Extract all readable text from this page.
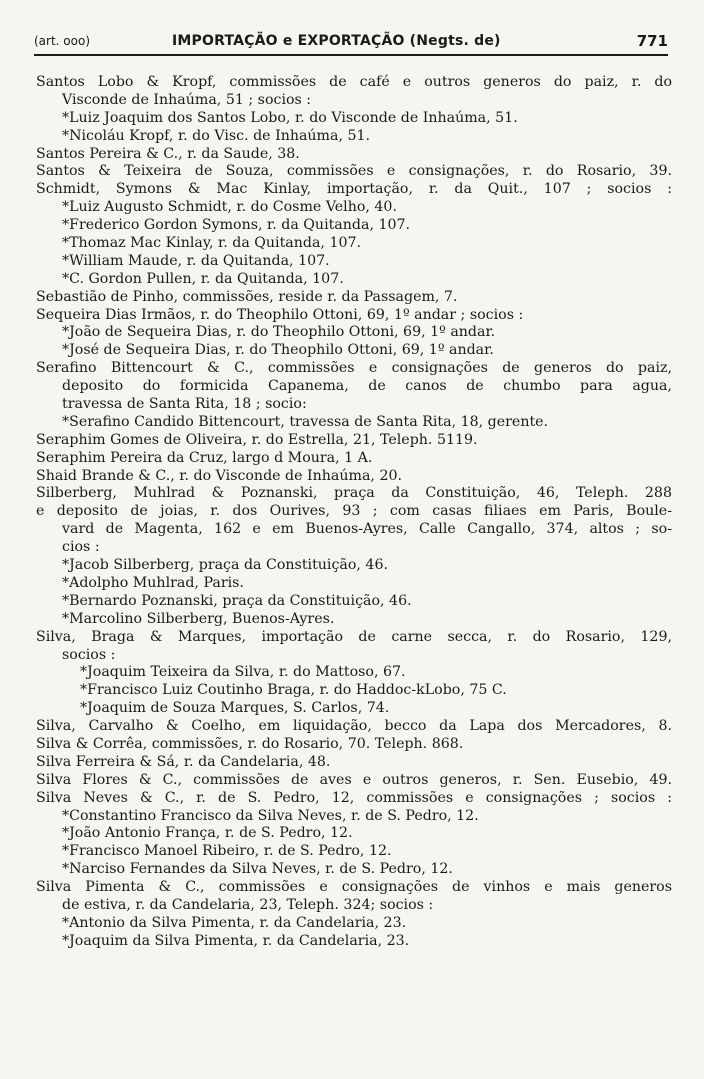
(art. ooo)	IMPORTAÇÃO e EXPORTAÇÃO (Negts. de)	771
Santos Lobo & Kropf, commissões de café e outros generos do paiz, r. do
Visconde de Inhaúma, 51 ; socios :
*Luiz Joaquim dos Santos Lobo, r. do Visconde de Inhaúma, 51.
*Nicoláu Kropf, r. do Visc. de Inhaúma, 51.
Santos Pereira & C., r. da Saude, 38.
Santos & Teixeira de Souza, commissões e consignações, r. do Rosario, 39.
Schmidt, Symons & Mac Kinlay, importação, r. da Quit., 107 ; socios :
*Luiz Augusto Schmidt, r. do Cosme Velho, 40.
*Frederico Gordon Symons, r. da Quitanda, 107.
*Thomaz Mac Kinlay, r. da Quitanda, 107.
*William Maude, r. da Quitanda, 107.
*C. Gordon Pullen, r. da Quitanda, 107.
Sebastião de Pinho, commissões, reside r. da Passagem, 7.
Sequeira Dias Irmãos, r. do Theophilo Ottoni, 69, 1º andar ; socios :
*João de Sequeira Dias, r. do Theophilo Ottoni, 69, 1º andar.
*José de Sequeira Dias, r. do Theophilo Ottoni, 69, 1º andar.
Serafino Bittencourt & C., commissões e consignações de generos do paiz,
deposito do formicida Capanema, de canos de chumbo para agua,
travessa de Santa Rita, 18 ; socio:
*Serafino Candido Bittencourt, travessa de Santa Rita, 18, gerente.
Seraphim Gomes de Oliveira, r. do Estrella, 21, Teleph. 5119.
Seraphim Pereira da Cruz, largo d Moura, 1 A.
Shaid Brande & C., r. do Visconde de Inhaúma, 20.
Silberberg, Muhlrad & Poznanski, praça da Constituição, 46, Teleph. 288
e deposito de joias, r. dos Ourives, 93 ; com casas filiaes em Paris, Boule-
vard de Magenta, 162 e em Buenos-Ayres, Calle Cangallo, 374, altos ; so-
cios :
*Jacob Silberberg, praça da Constituição, 46.
*Adolpho Muhlrad, Paris.
*Bernardo Poznanski, praça da Constituição, 46.
*Marcolino Silberberg, Buenos-Ayres.
Silva, Braga & Marques, importação de carne secca, r. do Rosario, 129,
socios :
*Joaquim Teixeira da Silva, r. do Mattoso, 67.
*Francisco Luiz Coutinho Braga, r. do Haddoc-kLobo, 75 C.
*Joaquim de Souza Marques, S. Carlos, 74.
Silva, Carvalho & Coelho, em liquidação, becco da Lapa dos Mercadores, 8.
Silva & Corrêa, commissões, r. do Rosario, 70. Teleph. 868.
Silva Ferreira & Sá, r. da Candelaria, 48.
Silva Flores & C., commissões de aves e outros generos, r. Sen. Eusebio, 49.
Silva Neves & C., r. de S. Pedro, 12, commissões e consignações ; socios :
*Constantino Francisco da Silva Neves, r. de S. Pedro, 12.
*João Antonio França, r. de S. Pedro, 12.
*Francisco Manoel Ribeiro, r. de S. Pedro, 12.
*Narciso Fernandes da Silva Neves, r. de S. Pedro, 12.
Silva Pimenta & C., commissões e consignações de vinhos e mais generos
de estiva, r. da Candelaria, 23, Teleph. 324; socios :
*Antonio da Silva Pimenta, r. da Candelaria, 23.
*Joaquim da Silva Pimenta, r. da Candelaria, 23.
